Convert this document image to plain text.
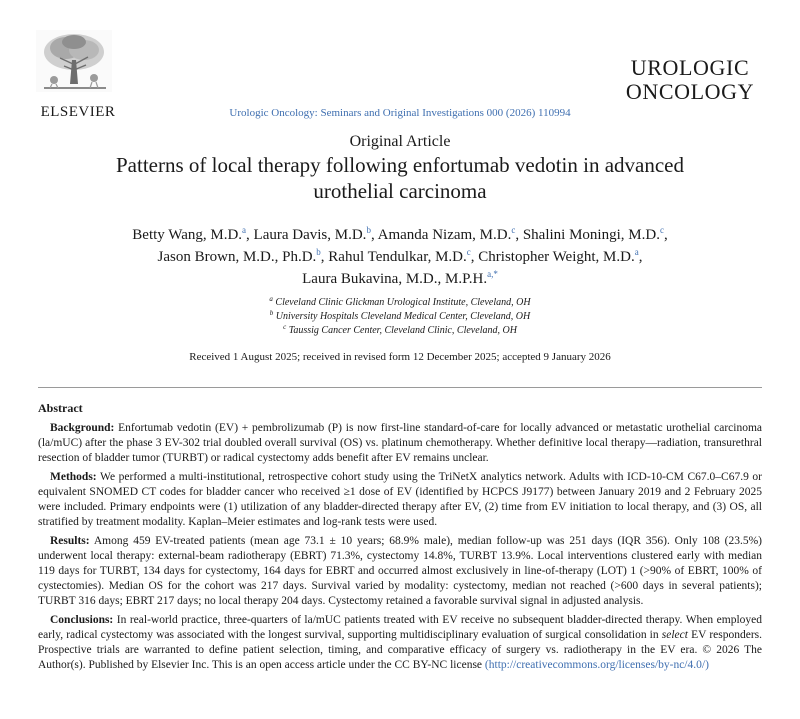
ELSEVIER
UROLOGIC
ONCOLOGY
Urologic Oncology: Seminars and Original Investigations 000 (2026) 110994
Original Article
Patterns of local therapy following enfortumab vedotin in advanced urothelial carcinoma
Betty Wang, M.D.$^a$, Laura Davis, M.D.$^b$, Amanda Nizam, M.D.$^c$, Shalini Moningi, M.D.$^c$,
Jason Brown, M.D., Ph.D.$^b$, Rahul Tendulkar, M.D.$^c$, Christopher Weight, M.D.$^a$,
Laura Bukavina, M.D., M.P.H.$^{a,*}$
$^a$ Cleveland Clinic Glickman Urological Institute, Cleveland, OH
$^b$ University Hospitals Cleveland Medical Center, Cleveland, OH
$^c$ Taussig Cancer Center, Cleveland Clinic, Cleveland, OH
Received 1 August 2025; received in revised form 12 December 2025; accepted 9 January 2026
Abstract

Background: Enfortumab vedotin (EV) + pembrolizumab (P) is now first-line standard-of-care for locally advanced or metastatic urothelial carcinoma (la/mUC) after the phase 3 EV-302 trial doubled overall survival (OS) vs. platinum chemotherapy. Whether definitive local therapy—radiation, transurethral resection of bladder tumor (TURBT) or radical cystectomy adds benefit after EV remains unclear.

Methods: We performed a multi-institutional, retrospective cohort study using the TriNetX analytics network. Adults with ICD-10-CM C67.0–C67.9 or equivalent SNOMED CT codes for bladder cancer who received ≥1 dose of EV (identified by HCPCS J9177) between January 2019 and 2 February 2025 were included. Primary endpoints were (1) utilization of any bladder-directed therapy after EV, (2) time from EV initiation to local therapy, and (3) OS, all stratified by treatment modality. Kaplan–Meier estimates and log-rank tests were used.

Results: Among 459 EV-treated patients (mean age 73.1 ± 10 years; 68.9% male), median follow-up was 251 days (IQR 356). Only 108 (23.5%) underwent local therapy: external-beam radiotherapy (EBRT) 71.3%, cystectomy 14.8%, TURBT 13.9%. Local interventions clustered early with median 119 days for TURBT, 134 days for cystectomy, 164 days for EBRT and occurred almost exclusively in line-of-therapy (LOT) 1 (>90% of EBRT, 100% of cystectomies). Median OS for the cohort was 217 days. Survival varied by modality: cystectomy, median not reached (>600 days in several patients); TURBT 316 days; EBRT 217 days; no local therapy 204 days. Cystectomy retained a favorable survival signal in adjusted analysis.

Conclusions: In real-world practice, three-quarters of la/mUC patients treated with EV receive no subsequent bladder-directed therapy. When employed early, radical cystectomy was associated with the longest survival, supporting multidisciplinary evaluation of surgical consolidation in select EV responders. Prospective trials are warranted to define patient selection, timing, and comparative efficacy of surgery vs. radiotherapy in the EV era. © 2026 The Author(s). Published by Elsevier Inc. This is an open access article under the CC BY-NC license (http://creativecommons.org/licenses/by-nc/4.0/)
